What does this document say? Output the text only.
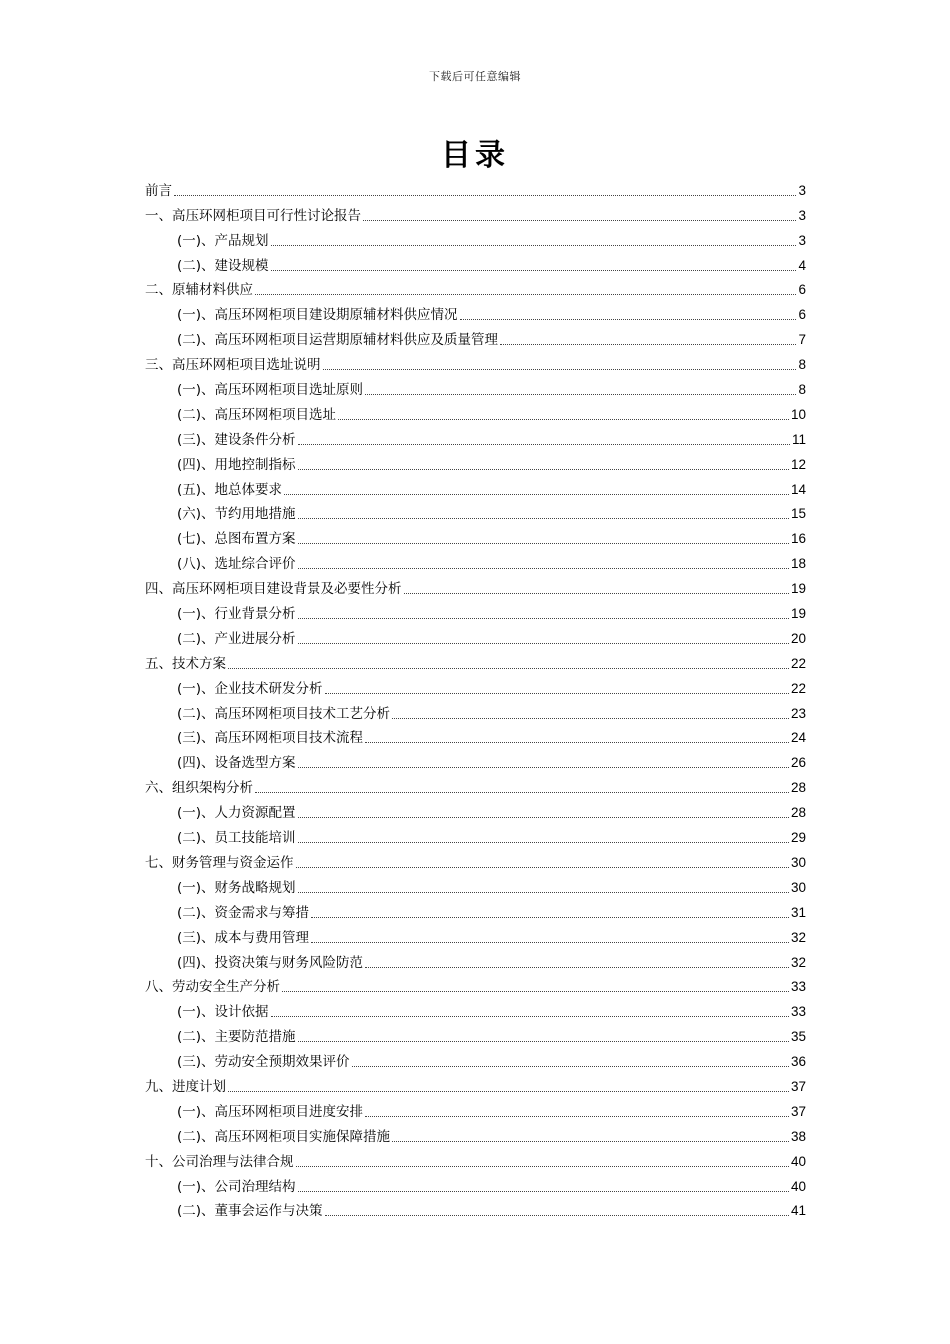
下载后可任意编辑
目录
前言	3
一、高压环网柜项目可行性讨论报告	3
(一)、产品规划	3
(二)、建设规模	4
二、原辅材料供应	6
(一)、高压环网柜项目建设期原辅材料供应情况	6
(二)、高压环网柜项目运营期原辅材料供应及质量管理	7
三、高压环网柜项目选址说明	8
(一)、高压环网柜项目选址原则	8
(二)、高压环网柜项目选址	10
(三)、建设条件分析	11
(四)、用地控制指标	12
(五)、地总体要求	14
(六)、节约用地措施	15
(七)、总图布置方案	16
(八)、选址综合评价	18
四、高压环网柜项目建设背景及必要性分析	19
(一)、行业背景分析	19
(二)、产业进展分析	20
五、技术方案	22
(一)、企业技术研发分析	22
(二)、高压环网柜项目技术工艺分析	23
(三)、高压环网柜项目技术流程	24
(四)、设备选型方案	26
六、组织架构分析	28
(一)、人力资源配置	28
(二)、员工技能培训	29
七、财务管理与资金运作	30
(一)、财务战略规划	30
(二)、资金需求与筹措	31
(三)、成本与费用管理	32
(四)、投资决策与财务风险防范	32
八、劳动安全生产分析	33
(一)、设计依据	33
(二)、主要防范措施	35
(三)、劳动安全预期效果评价	36
九、进度计划	37
(一)、高压环网柜项目进度安排	37
(二)、高压环网柜项目实施保障措施	38
十、公司治理与法律合规	40
(一)、公司治理结构	40
(二)、董事会运作与决策	41
